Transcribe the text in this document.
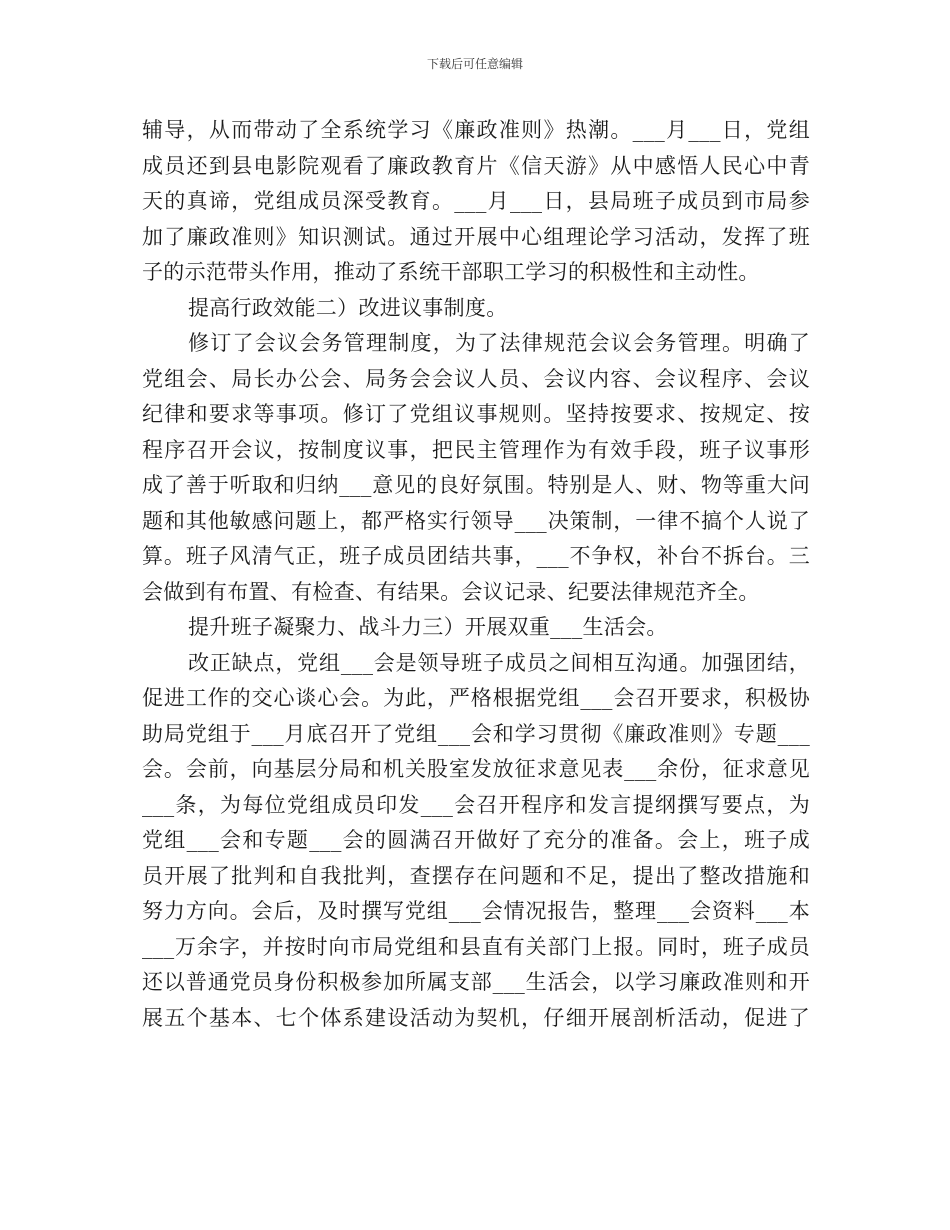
下载后可任意编辑
辅导，从而带动了全系统学习《廉政准则》热潮。___月___日，党组
成员还到县电影院观看了廉政教育片《信天游》从中感悟人民心中青
天的真谛，党组成员深受教育。___月___日，县局班子成员到市局参
加了廉政准则》知识测试。通过开展中心组理论学习活动，发挥了班
子的示范带头作用，推动了系统干部职工学习的积极性和主动性。
提高行政效能二）改进议事制度。
修订了会议会务管理制度，为了法律规范会议会务管理。明确了
党组会、局长办公会、局务会会议人员、会议内容、会议程序、会议
纪律和要求等事项。修订了党组议事规则。坚持按要求、按规定、按
程序召开会议，按制度议事，把民主管理作为有效手段，班子议事形
成了善于听取和归纳___意见的良好氛围。特别是人、财、物等重大问
题和其他敏感问题上，都严格实行领导___决策制，一律不搞个人说了
算。班子风清气正，班子成员团结共事，___不争权，补台不拆台。三
会做到有布置、有检查、有结果。会议记录、纪要法律规范齐全。
提升班子凝聚力、战斗力三）开展双重___生活会。
改正缺点，党组___会是领导班子成员之间相互沟通。加强团结，
促进工作的交心谈心会。为此，严格根据党组___会召开要求，积极协
助局党组于___月底召开了党组___会和学习贯彻《廉政准则》专题___
会。会前，向基层分局和机关股室发放征求意见表___余份，征求意见
___条，为每位党组成员印发___会召开程序和发言提纲撰写要点，为
党组___会和专题___会的圆满召开做好了充分的准备。会上，班子成
员开展了批判和自我批判，查摆存在问题和不足，提出了整改措施和
努力方向。会后，及时撰写党组___会情况报告，整理___会资料___本
___万余字，并按时向市局党组和县直有关部门上报。同时，班子成员
还以普通党员身份积极参加所属支部___生活会，以学习廉政准则和开
展五个基本、七个体系建设活动为契机，仔细开展剖析活动，促进了
